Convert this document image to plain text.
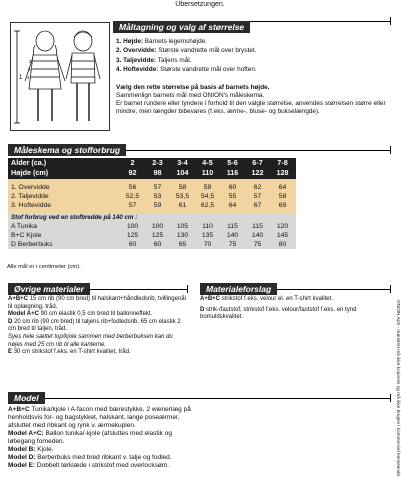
Übersetzungen.
1
2
3
4
Måltagning og valg af størrelse
1. Højde: Barnets legemshøjde.
2. Overvidde: Største vandrette mål over brystet.
3. Taljevidde: Taljens mål.
4. Hoftevidde: Største vandrette mål over hoften.
Vælg den rette størrelse på basis af barnets højde.
Sammenlign barnets mål med ONION's måleskema.
Er barnet rundere eller tyndere i forhold til den valgte størrelse, anvendes størrelsen større eller mindre, men længder bibevares (f.eks. ærme-, bluse- og bukselængde).
Måleskema og stofforbrug
Alder (ca.)	2	2-3	3-4	4-5	5-6	6-7	7-8
Højde (cm)	92	98	104	110	116	122	128
1. Overvidde	56	57	58	59	60	62	64
2. Taljevidde	52,5	53	53,5	54,5	55	57	58
3. Hoftevidde	57	59	61	62,5	64	67	69
Stof forbrug ved en stofbredde på 140 cm :
A Tunika	100	100	105	110	115	115	120
B+C Kjole	125	125	130	135	140	140	145
D Berberbuks	60	60	65	70	75	75	80
Alle mål er i centimeter (cm).
Øvrige materialer
A+B+C 15 cm rib (90 cm bred) til halskant+håndledsrib, tvillingenål til oplægning, tråd.
Model A+C 90 cm elastik 0,5 cm bred til ballonneffekt.
D 20 cm rib (90 cm bred) til taljens rib+fodledsrib, 65 cm elastik 2 cm bred til taljen, tråd.
Syes hele sættet top/kjole sammen med berberbuksen kan du nøjes med 25 cm rib til alle kanterne.
E 30 cm strikstof f.eks. en T-shirt kvalitet, tråd.
Materialeforslag
A+B+C strikstof f.eks. velour el. en T-shirt kvalitet.
D strik-/faststof, strikstof f.eks. velour/faststof f.eks. en tynd bomuldskvalitet.
Model
A+B+C Tunika/kjole i A-facon med bærestykke, 2 wienerlæg på henholdsvis for- og bagstykket, halskant, lange poseærmer, afsluttet med ribkant og rynk v. ærmekuplen.
Model A+C: Ballon tunika/-kjole (afsluttes med elastik og løbegang forneden.
Model B: Kjole.
Model D: Berberbuks med bred ribkant v. talje og fodled.
Model E: Dobbelt tørklæde i strikstof med overlocksøm.	ONION ApS - mønstret må ikke kopieres og må ikke bruges i kommerciel henseende.
